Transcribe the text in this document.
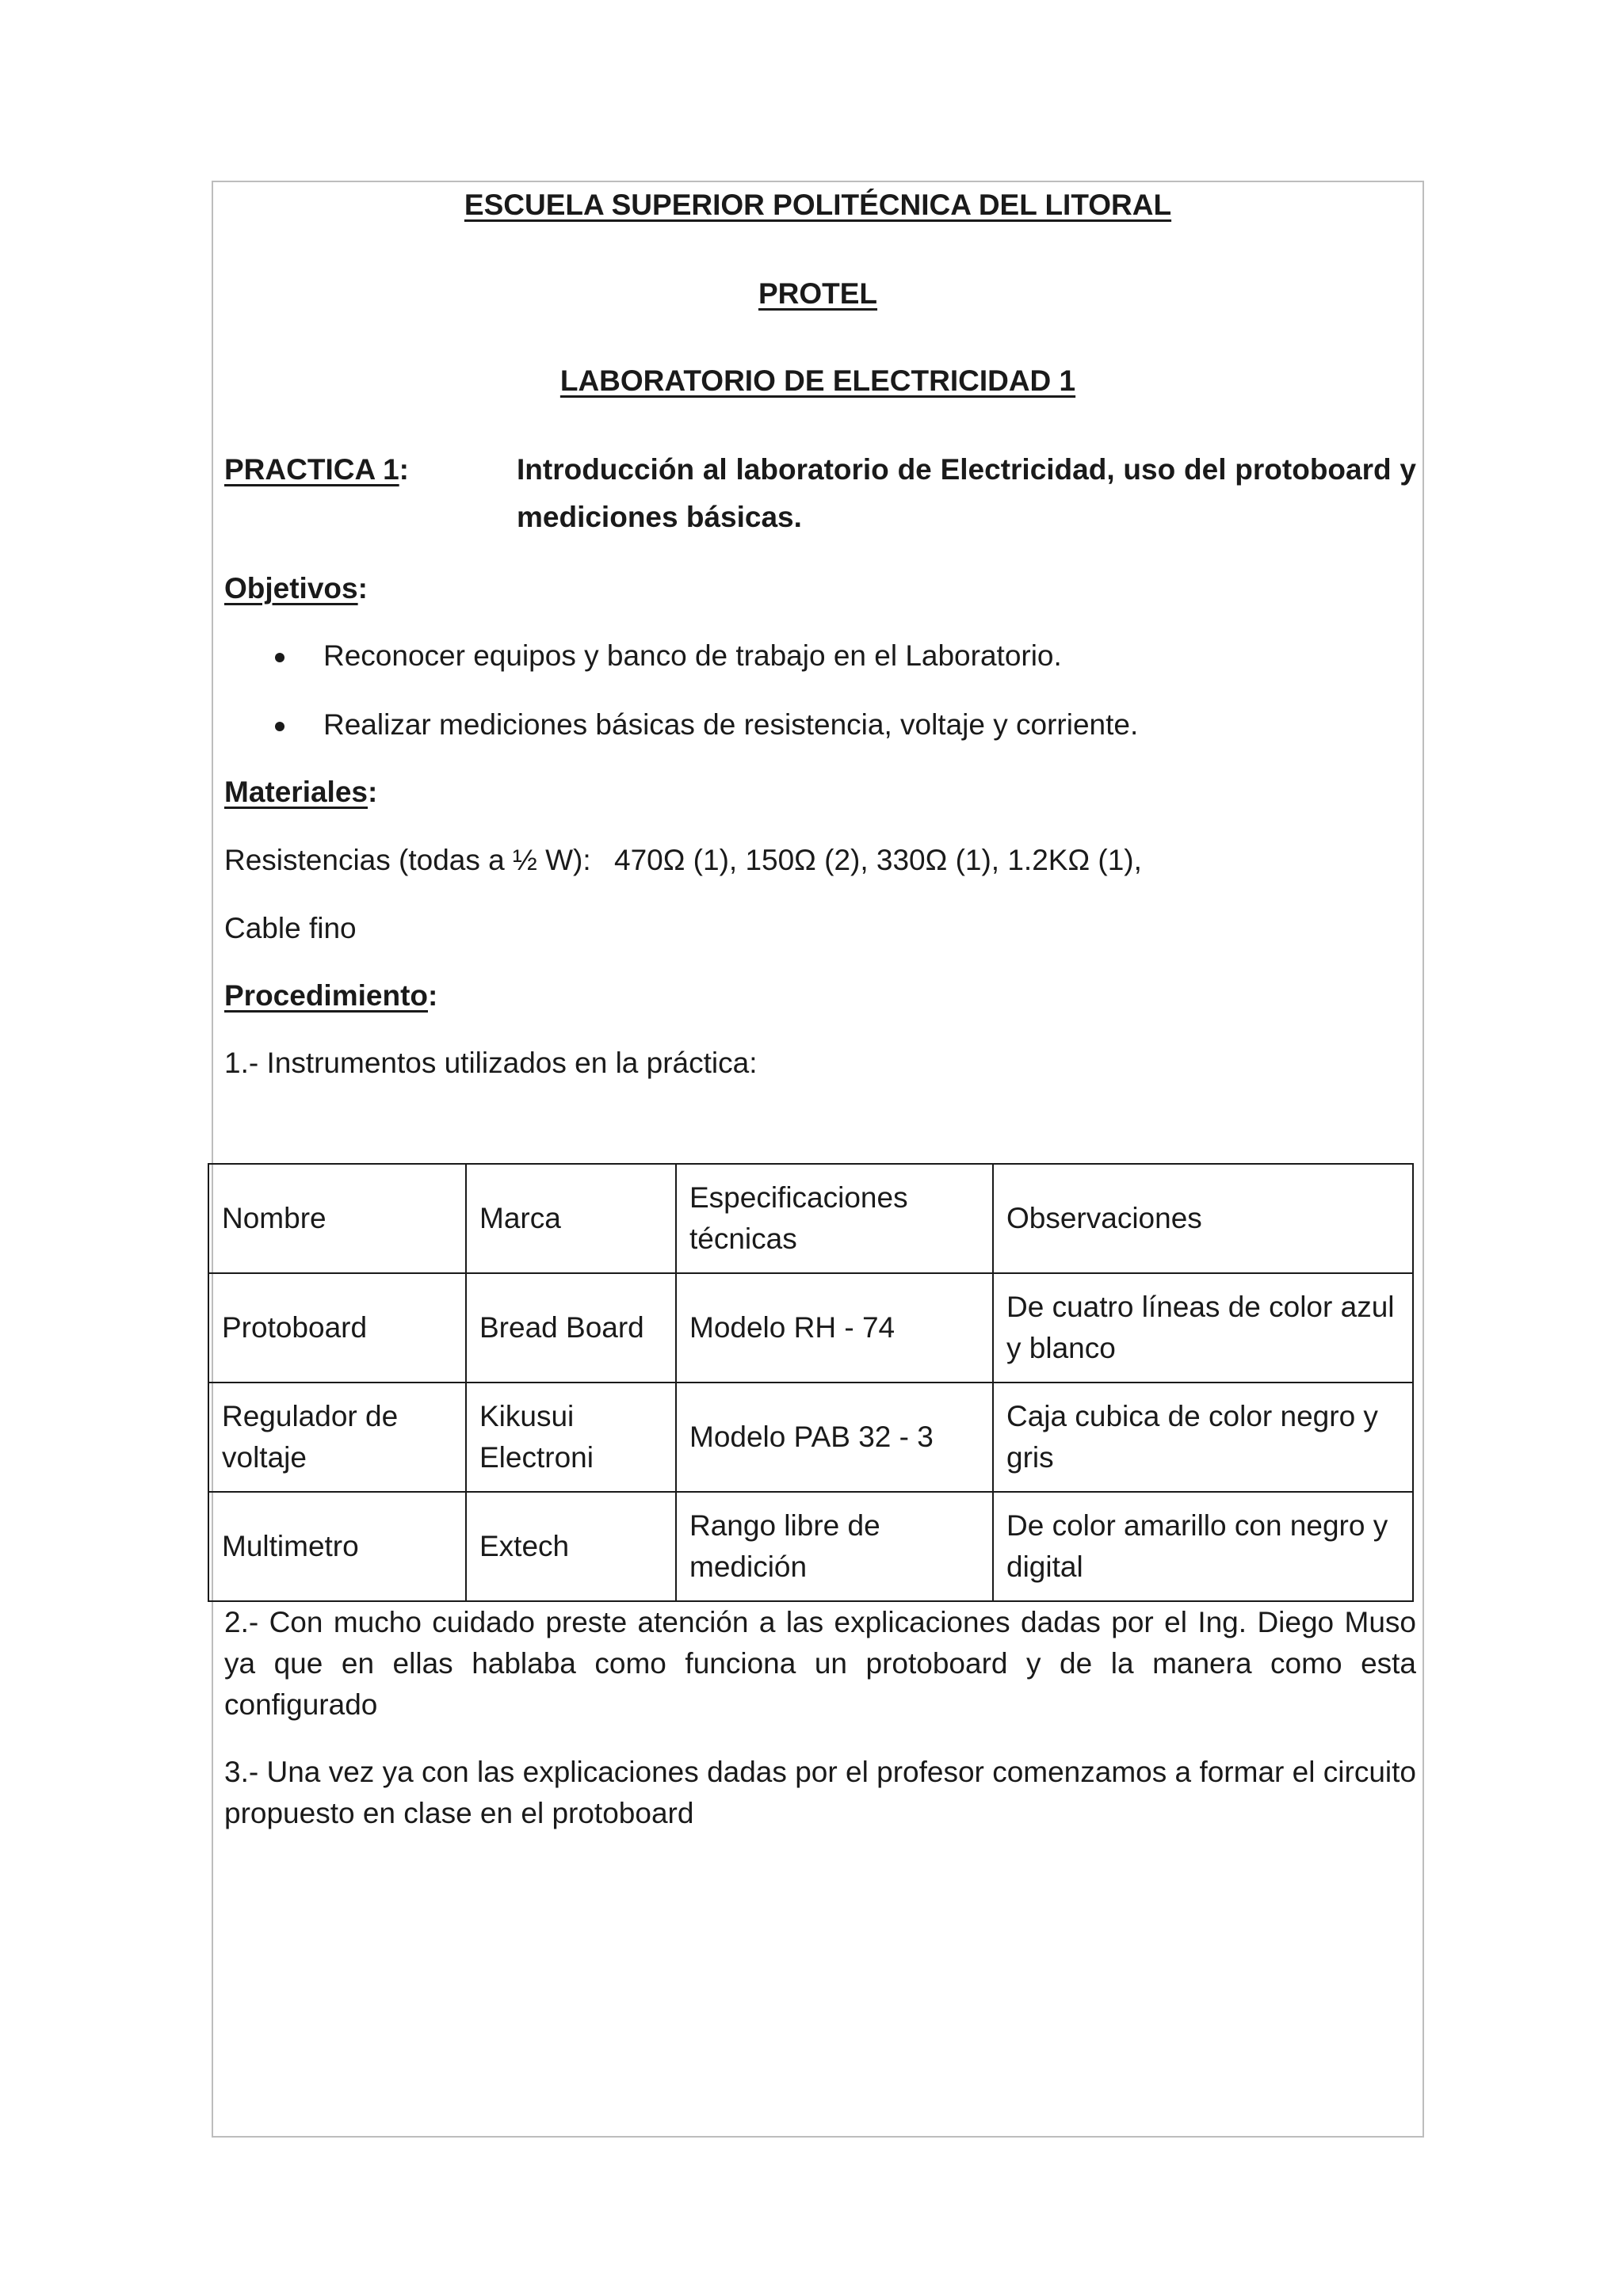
ESCUELA SUPERIOR POLITÉCNICA DEL LITORAL
PROTEL
LABORATORIO DE ELECTRICIDAD 1
PRACTICA 1:	Introducción al laboratorio de Electricidad, uso del protoboard y
mediciones básicas.
Objetivos:
Reconocer equipos y banco de trabajo en el Laboratorio.
Realizar mediciones básicas de resistencia, voltaje y corriente.
Materiales:
Resistencias (todas a ½ W): 470Ω (1), 150Ω (2), 330Ω (1), 1.2KΩ (1),
Cable fino
Procedimiento:
1.- Instrumentos utilizados en la práctica:
Nombre	Marca	Especificaciones técnicas	Observaciones
Protoboard	Bread Board	Modelo RH - 74	De cuatro líneas de color azul y blanco
Regulador de voltaje	Kikusui Electroni	Modelo PAB 32 - 3	Caja cubica de color negro y gris
Multimetro	Extech	Rango libre de medición	De color amarillo con negro y digital
2.- Con mucho cuidado preste atención a las explicaciones dadas por el Ing. Diego Muso ya que en ellas hablaba como funciona un protoboard y de la manera como esta configurado
3.- Una vez ya con las explicaciones dadas por el profesor comenzamos a formar el circuito propuesto en clase en el protoboard
